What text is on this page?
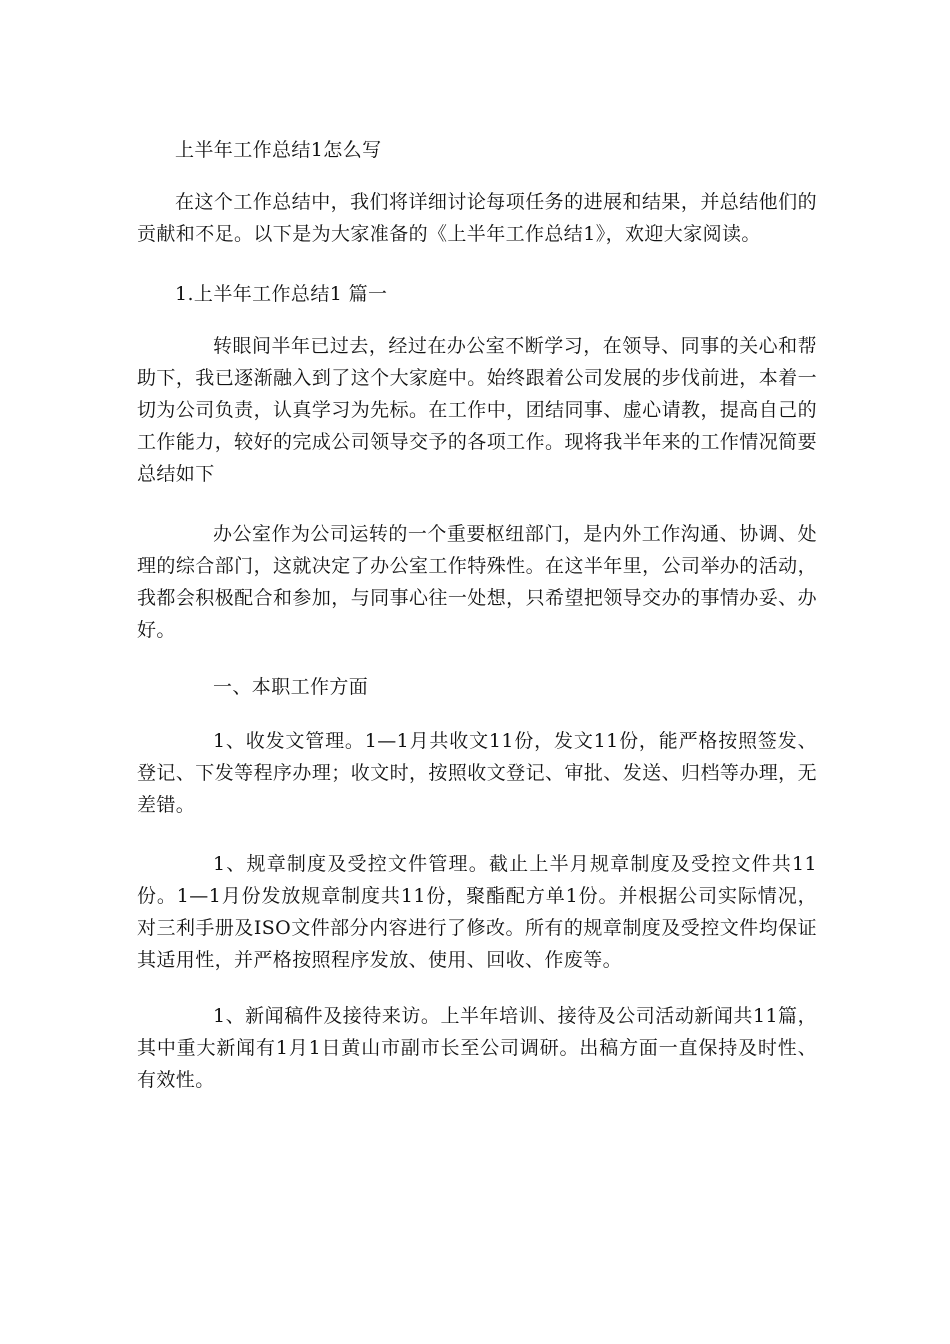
上半年工作总结1怎么写

在这个工作总结中，我们将详细讨论每项任务的进展和结果，并总结他们的贡献和不足。以下是为大家准备的《上半年工作总结1》，欢迎大家阅读。

1.上半年工作总结1 篇一

转眼间半年已过去，经过在办公室不断学习，在领导、同事的关心和帮助下，我已逐渐融入到了这个大家庭中。始终跟着公司发展的步伐前进，本着一切为公司负责，认真学习为先标。在工作中，团结同事、虚心请教，提高自己的工作能力，较好的完成公司领导交予的各项工作。现将我半年来的工作情况简要总结如下

办公室作为公司运转的一个重要枢纽部门，是内外工作沟通、协调、处理的综合部门，这就决定了办公室工作特殊性。在这半年里，公司举办的活动，我都会积极配合和参加，与同事心往一处想，只希望把领导交办的事情办妥、办好。

一、本职工作方面

1、收发文管理。1—1月共收文11份，发文11份，能严格按照签发、登记、下发等程序办理；收文时，按照收文登记、审批、发送、归档等办理，无差错。

1、规章制度及受控文件管理。截止上半月规章制度及受控文件共11份。1—1月份发放规章制度共11份，聚酯配方单1份。并根据公司实际情况，对三利手册及ISO文件部分内容进行了修改。所有的规章制度及受控文件均保证其适用性，并严格按照程序发放、使用、回收、作废等。

1、新闻稿件及接待来访。上半年培训、接待及公司活动新闻共11篇，其中重大新闻有1月1日黄山市副市长至公司调研。出稿方面一直保持及时性、有效性。
